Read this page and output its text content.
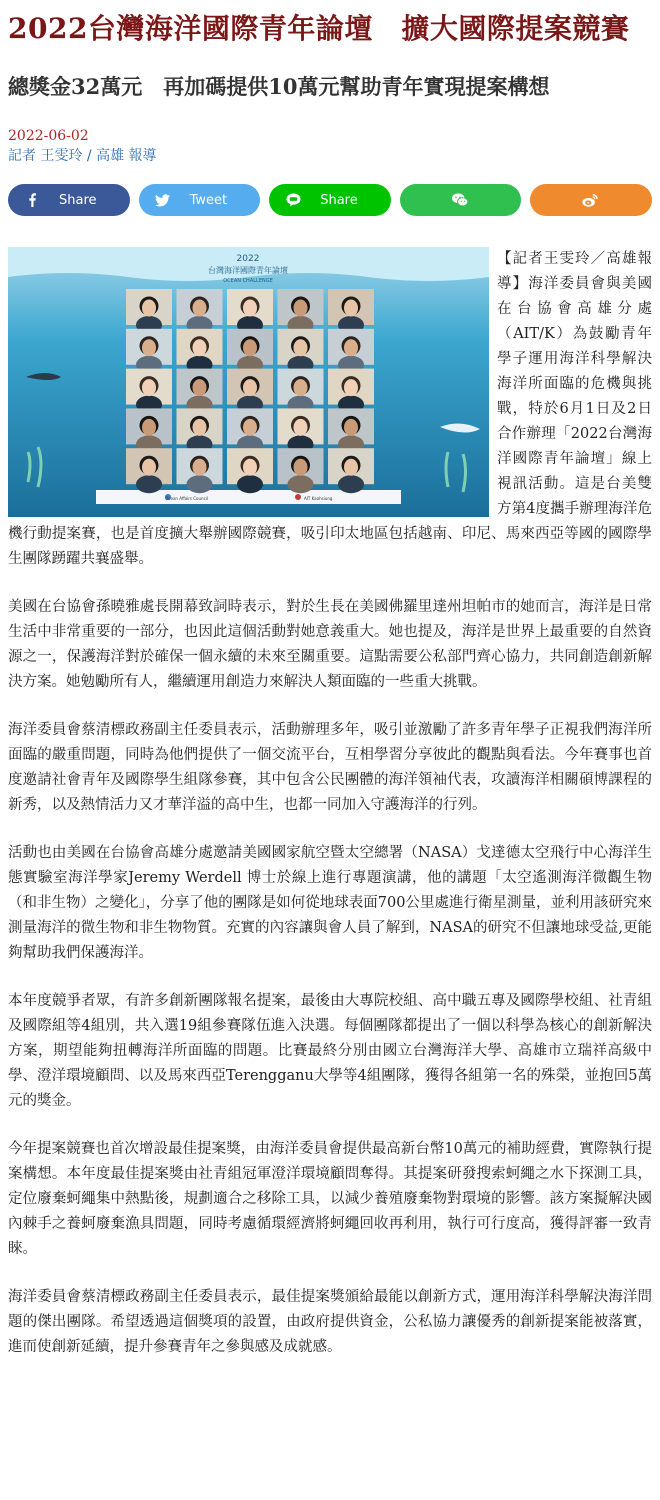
2022台灣海洋國際青年論壇　擴大國際提案競賽
總獎金32萬元　再加碼提供10萬元幫助青年實現提案構想
2022-06-02
記者 王雯玲 / 高雄 報導
Share	Tweet	Share
2022
台灣海洋國際青年論壇
OCEAN CHALLENGE
Ocean Affairs Council	AIT Kaohsiung

【記者王雯玲／高雄報導】海洋委員會與美國在台協會高雄分處（AIT/K）為鼓勵青年學子運用海洋科學解決海洋所面臨的危機與挑戰，特於6月1日及2日合作辦理「2022台灣海洋國際青年論壇」線上視訊活動。這是台美雙方第4度攜手辦理海洋危機行動提案賽，也是首度擴大舉辦國際競賽，吸引印太地區包括越南、印尼、馬來西亞等國的國際學生團隊踴躍共襄盛舉。

美國在台協會孫曉雅處長開幕致詞時表示，對於生長在美國佛羅里達州坦帕市的她而言，海洋是日常生活中非常重要的一部分，也因此這個活動對她意義重大。她也提及，海洋是世界上最重要的自然資源之一，保護海洋對於確保一個永續的未來至關重要。這點需要公私部門齊心協力，共同創造創新解決方案。她勉勵所有人，繼續運用創造力來解決人類面臨的一些重大挑戰。

海洋委員會蔡清標政務副主任委員表示，活動辦理多年，吸引並激勵了許多青年學子正視我們海洋所面臨的嚴重問題，同時為他們提供了一個交流平台，互相學習分享彼此的觀點與看法。今年賽事也首度邀請社會青年及國際學生組隊參賽，其中包含公民團體的海洋領袖代表，攻讀海洋相關碩博課程的新秀，以及熱情活力又才華洋溢的高中生，也都一同加入守護海洋的行列。

活動也由美國在台協會高雄分處邀請美國國家航空暨太空總署（NASA）戈達德太空飛行中心海洋生態實驗室海洋學家Jeremy Werdell 博士於線上進行專題演講，他的講題「太空遙測海洋微觀生物（和非生物）之變化」，分享了他的團隊是如何從地球表面700公里處進行衛星測量，並利用該研究來測量海洋的微生物和非生物物質。充實的內容讓與會人員了解到，NASA的研究不但讓地球受益,更能夠幫助我們保護海洋。

本年度競爭者眾，有許多創新團隊報名提案，最後由大專院校組、高中職五專及國際學校組、社青組及國際組等4組別，共入選19組參賽隊伍進入決選。每個團隊都提出了一個以科學為核心的創新解決方案，期望能夠扭轉海洋所面臨的問題。比賽最終分別由國立台灣海洋大學、高雄市立瑞祥高級中學、澄洋環境顧問、以及馬來西亞Terengganu大學等4組團隊，獲得各組第一名的殊榮，並抱回5萬元的獎金。

今年提案競賽也首次增設最佳提案獎，由海洋委員會提供最高新台幣10萬元的補助經費，實際執行提案構想。本年度最佳提案獎由社青組冠軍澄洋環境顧問奪得。其提案研發搜索蚵繩之水下探測工具，定位廢棄蚵繩集中熱點後，規劃適合之移除工具，以減少養殖廢棄物對環境的影響。該方案擬解決國內棘手之養蚵廢棄漁具問題，同時考慮循環經濟將蚵繩回收再利用，執行可行度高，獲得評審一致青睞。

海洋委員會蔡清標政務副主任委員表示，最佳提案獎頒給最能以創新方式，運用海洋科學解決海洋問題的傑出團隊。希望透過這個獎項的設置，由政府提供資金，公私協力讓優秀的創新提案能被落實，進而使創新延續，提升參賽青年之參與感及成就感。
